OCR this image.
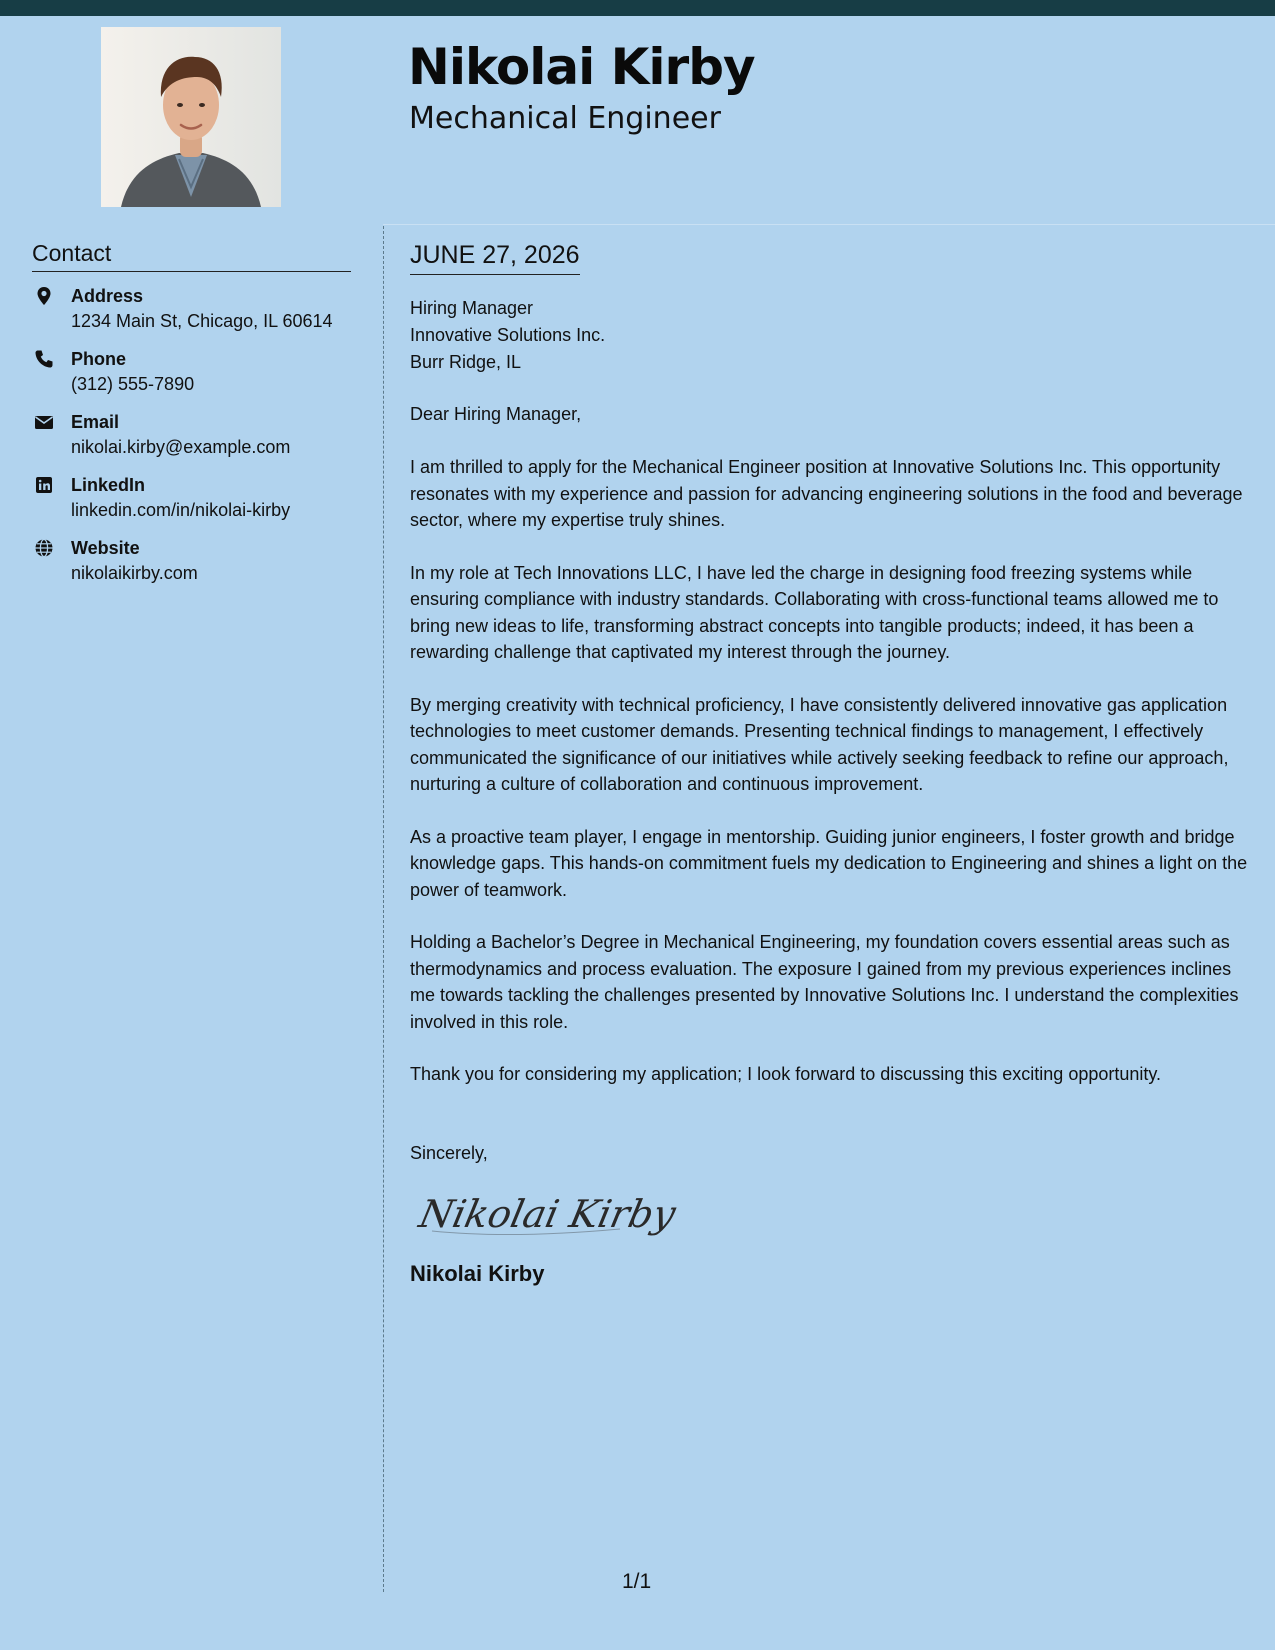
Nikolai Kirby
Mechanical Engineer
Contact
Address
1234 Main St, Chicago, IL 60614
Phone
(312) 555-7890
Email
nikolai.kirby@example.com
LinkedIn
linkedin.com/in/nikolai-kirby
Website
nikolaikirby.com
JUNE 27, 2026
Hiring Manager
Innovative Solutions Inc.
Burr Ridge, IL
Dear Hiring Manager,
I am thrilled to apply for the Mechanical Engineer position at Innovative Solutions Inc. This opportunity resonates with my experience and passion for advancing engineering solutions in the food and beverage sector, where my expertise truly shines.
In my role at Tech Innovations LLC, I have led the charge in designing food freezing systems while ensuring compliance with industry standards. Collaborating with cross-functional teams allowed me to bring new ideas to life, transforming abstract concepts into tangible products; indeed, it has been a rewarding challenge that captivated my interest through the journey.
By merging creativity with technical proficiency, I have consistently delivered innovative gas application technologies to meet customer demands. Presenting technical findings to management, I effectively communicated the significance of our initiatives while actively seeking feedback to refine our approach, nurturing a culture of collaboration and continuous improvement.
As a proactive team player, I engage in mentorship. Guiding junior engineers, I foster growth and bridge knowledge gaps. This hands-on commitment fuels my dedication to Engineering and shines a light on the power of teamwork.
Holding a Bachelor’s Degree in Mechanical Engineering, my foundation covers essential areas such as thermodynamics and process evaluation. The exposure I gained from my previous experiences inclines me towards tackling the challenges presented by Innovative Solutions Inc. I understand the complexities involved in this role.
Thank you for considering my application; I look forward to discussing this exciting opportunity.
Sincerely,
Nikolai Kirby
Nikolai Kirby
1/1
